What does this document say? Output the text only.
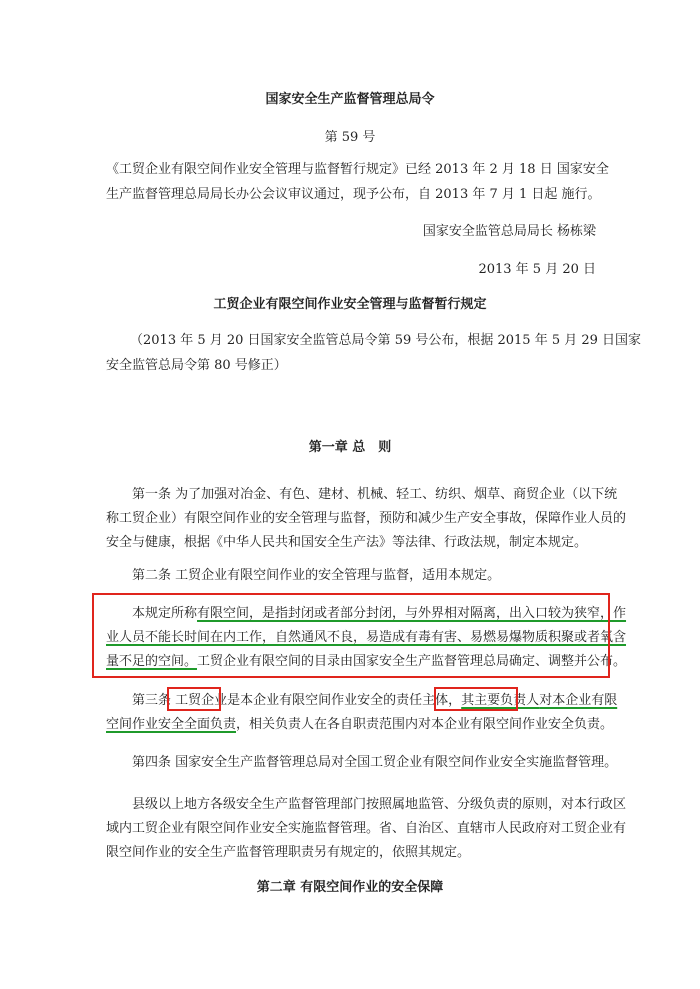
国家安全生产监督管理总局令
第 59 号
《工贸企业有限空间作业安全管理与监督暂行规定》已经 2013 年 2 月 18 日 国家安全
生产监督管理总局局长办公会议审议通过，现予公布，自 2013 年 7 月 1 日起 施行。
国家安全监管总局局长 杨栋梁
2013 年 5 月 20 日
工贸企业有限空间作业安全管理与监督暂行规定
（2013 年 5 月 20 日国家安全监管总局令第 59 号公布，根据 2015 年 5 月 29 日国家
安全监管总局令第 80 号修正）
第一章 总　则
第一条 为了加强对冶金、有色、建材、机械、轻工、纺织、烟草、商贸企业（以下统
称工贸企业）有限空间作业的安全管理与监督，预防和减少生产安全事故，保障作业人员的
安全与健康，根据《中华人民共和国安全生产法》等法律、行政法规，制定本规定。
第二条 工贸企业有限空间作业的安全管理与监督，适用本规定。
本规定所称有限空间，是指封闭或者部分封闭，与外界相对隔离，出入口较为狭窄，作
业人员不能长时间在内工作，自然通风不良，易造成有毒有害、易燃易爆物质积聚或者氧含
量不足的空间。工贸企业有限空间的目录由国家安全生产监督管理总局确定、调整并公布。
第三条 工贸企业是本企业有限空间作业安全的责任主体，其主要负责人对本企业有限
空间作业安全全面负责，相关负责人在各自职责范围内对本企业有限空间作业安全负责。
第四条 国家安全生产监督管理总局对全国工贸企业有限空间作业安全实施监督管理。
县级以上地方各级安全生产监督管理部门按照属地监管、分级负责的原则，对本行政区
域内工贸企业有限空间作业安全实施监督管理。省、自治区、直辖市人民政府对工贸企业有
限空间作业的安全生产监督管理职责另有规定的，依照其规定。
第二章 有限空间作业的安全保障
